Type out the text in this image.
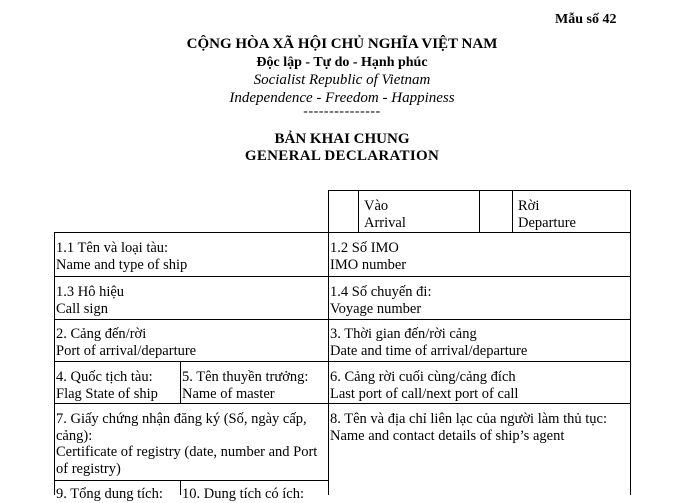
Mẫu số 42
CỘNG HÒA XÃ HỘI CHỦ NGHĨA VIỆT NAM
Độc lập - Tự do - Hạnh phúc
Socialist Republic of Vietnam
Independence - Freedom - Happiness
---------------
BẢN KHAI CHUNG
GENERAL DECLARATION
Vào
Arrival
Rời
Departure
1.1 Tên và loại tàu:
Name and type of ship
1.2 Số IMO
IMO number
1.3 Hô hiệu
Call sign
1.4 Số chuyến đi:
Voyage number
2. Cảng đến/rời
Port of arrival/departure
3. Thời gian đến/rời cảng
Date and time of arrival/departure
4. Quốc tịch tàu:
Flag State of ship
5. Tên thuyền trưởng:
Name of master
6. Cảng rời cuối cùng/cảng đích
Last port of call/next port of call
7. Giấy chứng nhận đăng ký (Số, ngày cấp, cảng):
Certificate of registry (date, number and Port of registry)
8. Tên và địa chỉ liên lạc của người làm thủ tục:
Name and contact details of ship’s agent
9. Tổng dung tích: 10. Dung tích có ích:
